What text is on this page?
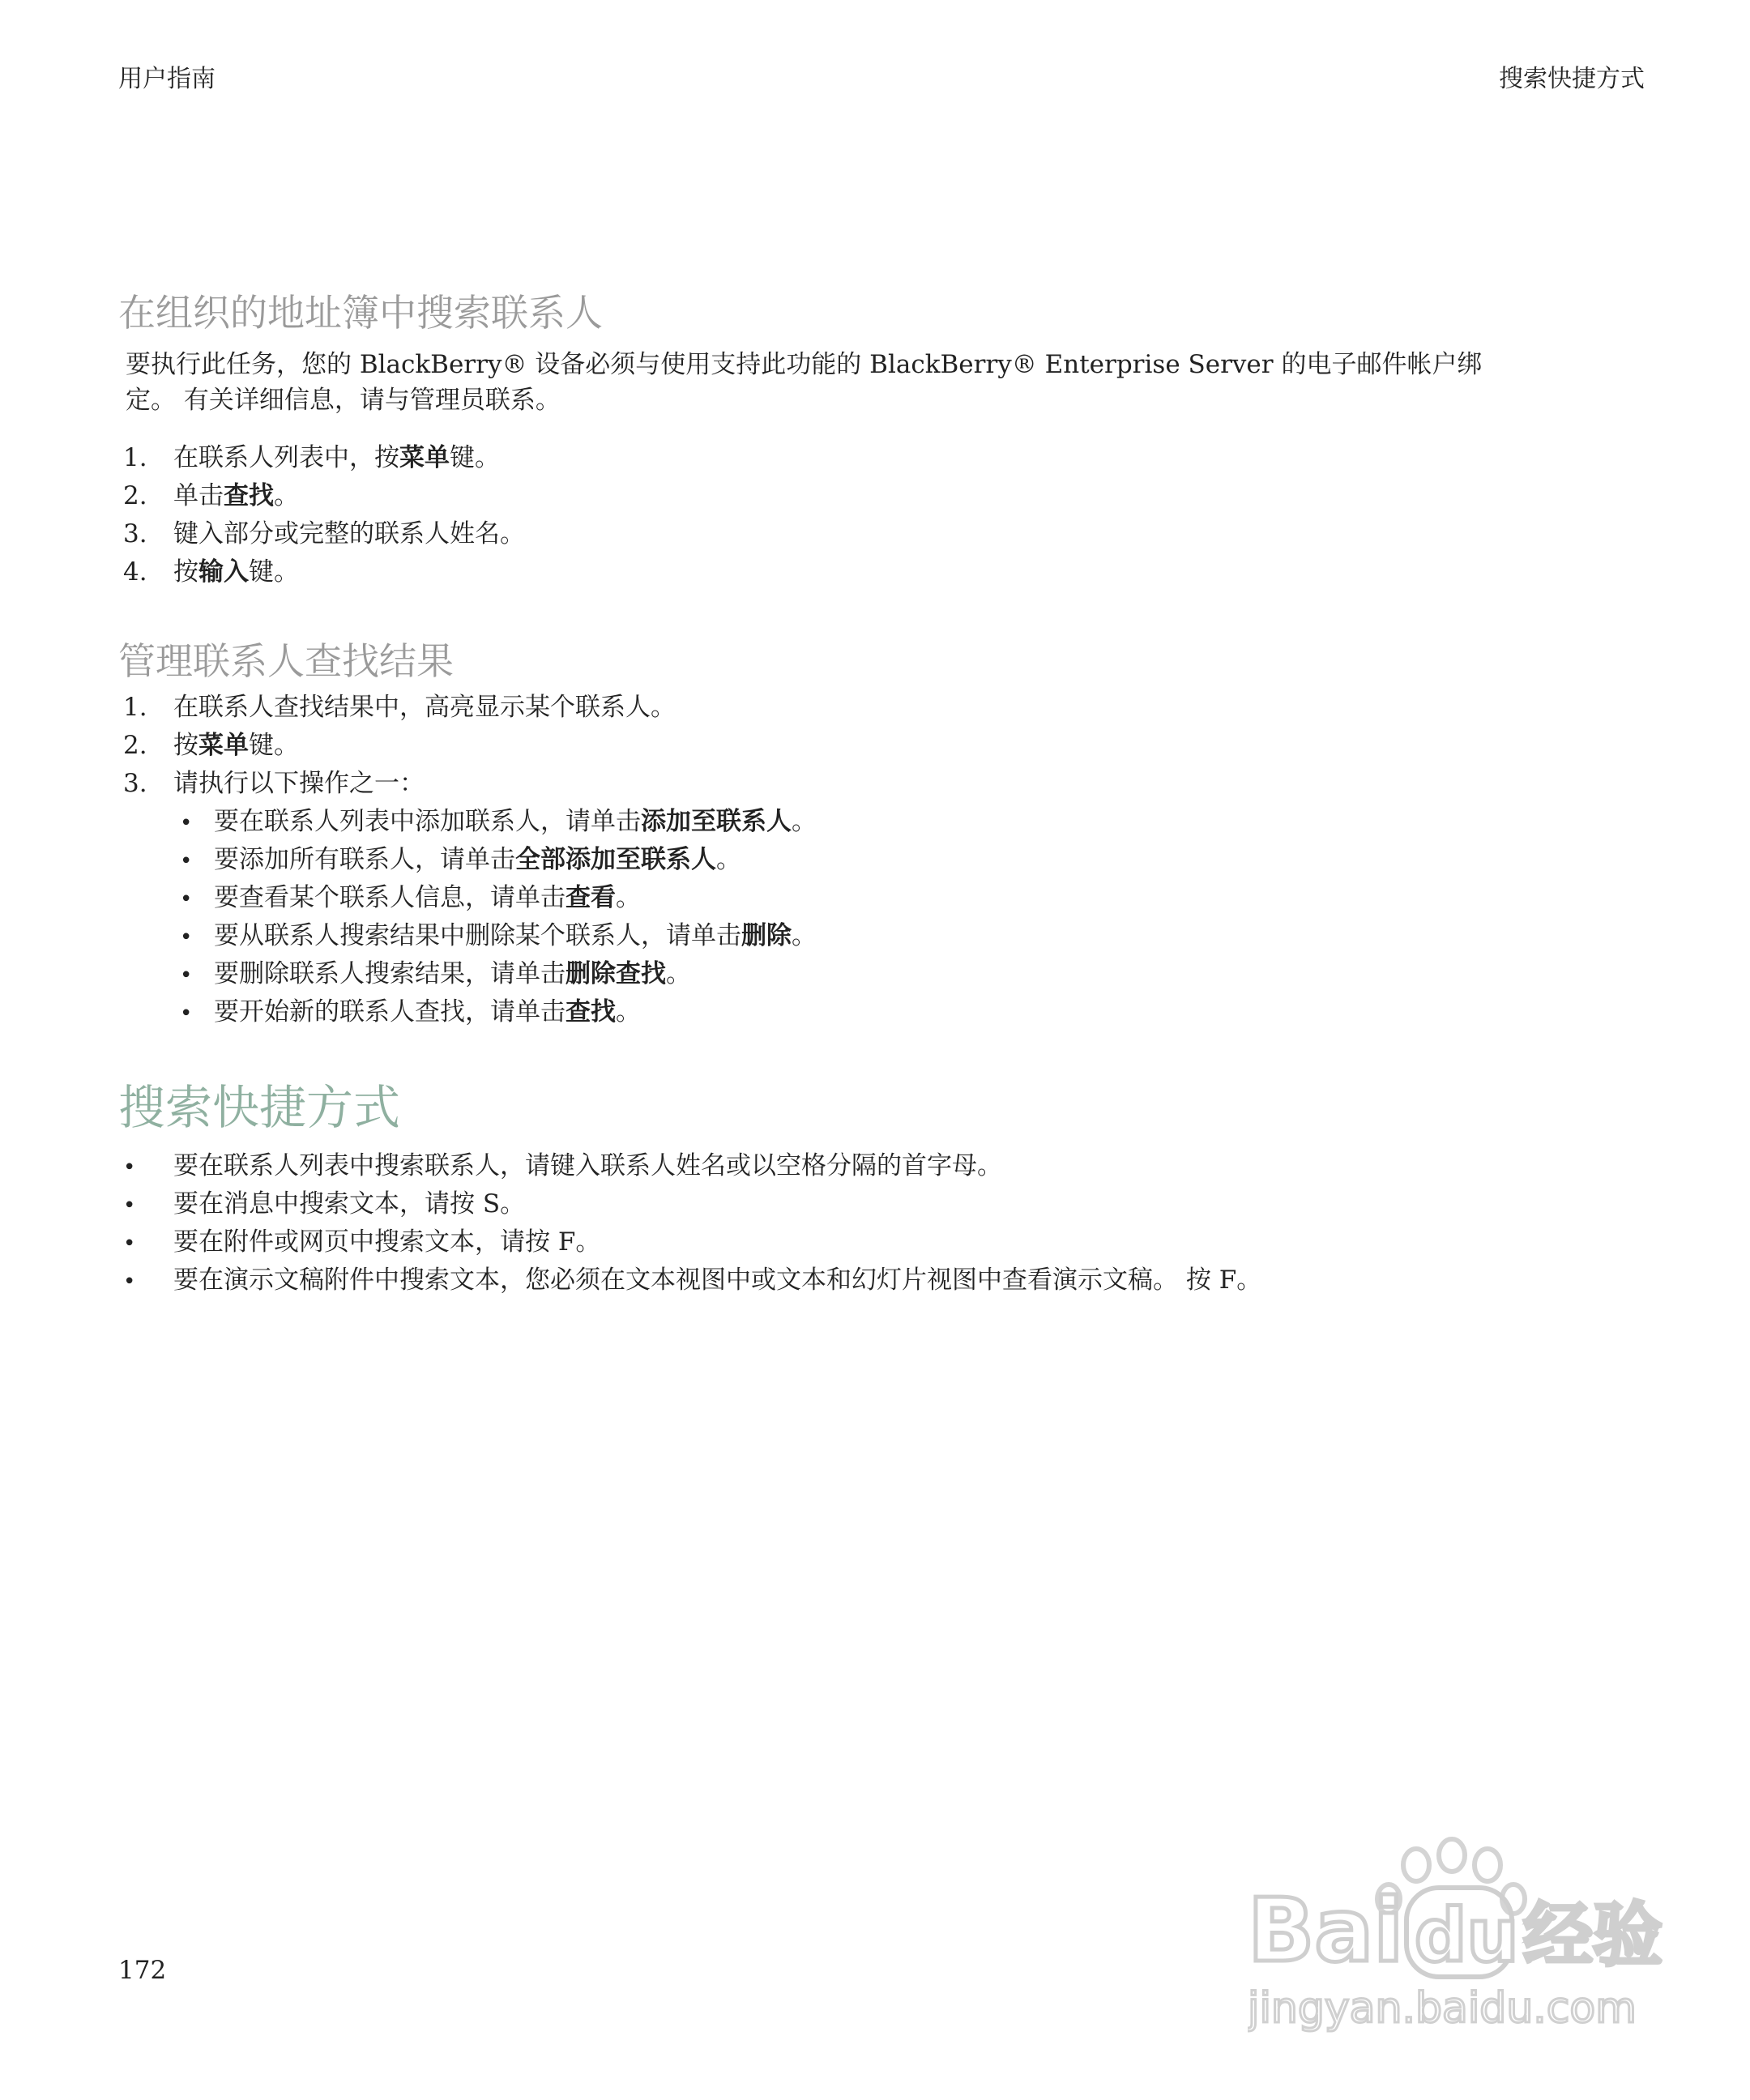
用户指南	搜索快捷方式
在组织的地址簿中搜索联系人
要执行此任务，您的 BlackBerry® 设备必须与使用支持此功能的 BlackBerry® Enterprise Server 的电子邮件帐户绑
定。 有关详细信息，请与管理员联系。
1. 在联系人列表中，按菜单键。
2. 单击查找。
3. 键入部分或完整的联系人姓名。
4. 按输入键。
管理联系人查找结果
1. 在联系人查找结果中，高亮显示某个联系人。
2. 按菜单键。
3. 请执行以下操作之一：
• 要在联系人列表中添加联系人，请单击添加至联系人。
• 要添加所有联系人，请单击全部添加至联系人。
• 要查看某个联系人信息，请单击查看。
• 要从联系人搜索结果中删除某个联系人，请单击删除。
• 要删除联系人搜索结果，请单击删除查找。
• 要开始新的联系人查找，请单击查找。
搜索快捷方式
• 要在联系人列表中搜索联系人，请键入联系人姓名或以空格分隔的首字母。
• 要在消息中搜索文本，请按 S。
• 要在附件或网页中搜索文本，请按 F。
• 要在演示文稿附件中搜索文本，您必须在文本视图中或文本和幻灯片视图中查看演示文稿。 按 F。
172	Bai du 经验
jingyan.baidu.com
